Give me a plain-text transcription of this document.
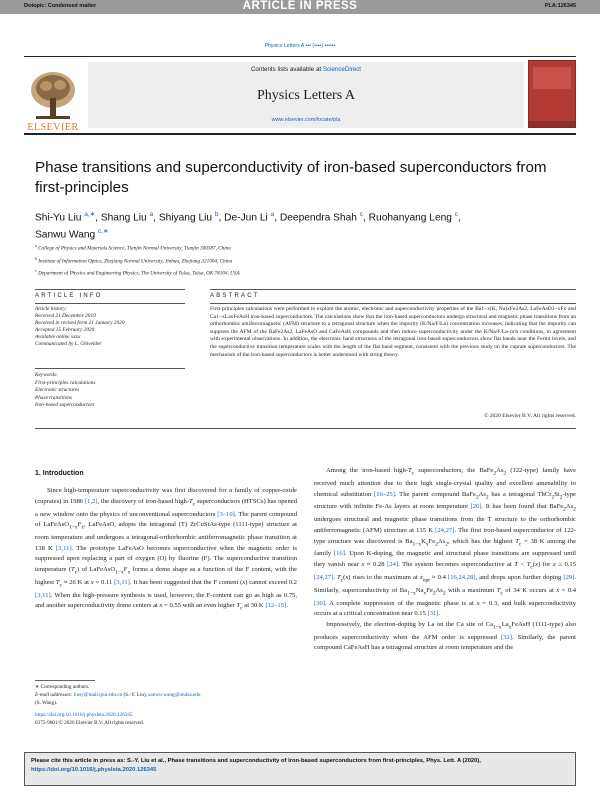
Dotopic: Condensed matter	ARTICLE IN PRESS	PLA:126345
Physics Letters A ••• (••••) ••••••
ELSEVIER
Contents lists available at ScienceDirect
Physics Letters A
www.elsevier.com/locate/pla
Phase transitions and superconductivity of iron-based superconductors from first-principles
Shi-Yu Liu $^{a,∗}$, Shang Liu $^a$, Shiyang Liu $^b$, De-Jun Li $^a$, Deependra Shah $^c$, Ruohanyang Leng $^c$,
Sanwu Wang $^{c,∗}$
$^a$ College of Physics and Materials Science, Tianjin Normal University, Tianjin 300387, China
$^b$ Institute of Information Optics, Zhejiang Normal University, Jinhua, Zhejiang 321004, China
$^c$ Department of Physics and Engineering Physics, The University of Tulsa, Tulsa, OK 74104, USA
ARTICLE INFO	ABSTRACT
Article history:
Received 21 December 2019
Received in revised form 21 January 2020
Accepted 15 February 2020
Available online xxxx
Communicated by L. Ghivelder
Keywords:
First-principles calculations
Electronic structures
Phase transitions
Iron-based superconductors
First-principles calculations were performed to explore the atomic, electronic and superconductivity properties of the Ba1−x(K, Na)xFe2As2, LaFeAsO1−xFx and Ca1−xLaxFeAsH iron-based superconductors. The calculations show that the iron-based superconductors undergo structural and magnetic phase transitions from an orthorhombic antiferromagnetic (AFM) structure to a tetragonal structure when the impurity (K/Na/F/La) concentration increases, indicating that the impurity can suppress the AFM of the BaFe2As2, LaFeAsO and CaFeAsH compounds and then induce superconductivity under the K/Na/F/La-rich conditions, in agreement with experimental observations. In addition, the electronic band structures of the tetragonal iron-based superconductors show flat bands near the Fermi levels, and the superconductive transition temperature scales with the length of the flat band segment, consistent with the previous study on the cuprate superconductors. The mechanism of the iron-based superconductors is better understood with string theory.
© 2020 Elsevier B.V. All rights reserved.
1. Introduction

Since high-temperature superconductivity was first discovered for a family of copper-oxide (cuprates) in 1986 [1,2], the discovery of iron-based high-$T_c$ superconductors (HTSCs) has opened a new window onto the physics of unconventional superconductors [3–10]. The parent compound of $LaFeAsO_{1-x}F_x$, LaFeAsO, adopts the tetragonal (T) ZrCuSiAs-type (1111-type) structure at room temperature and undergoes a tetragonal-orthorhombic antiferromagnetic phase transition at 138 K [3,11]. The prototype LaFeAsO becomes superconductive when the magnetic order is suppressed upon replacing a part of oxygen (O) by fluorine (F). The superconductive transition temperature $(T_c)$ of $LaFeAsO_{1-x}F_x$ forms a dome shape as a function of the F content, with the highest $T_c \approx 26$ K at x = 0.11 [3,11]. It has been suggested that the F content (x) cannot exceed 0.2 [3,11]. When the high-pressure synthesis is used, however, the F-content can go as high as 0.75, and another superconductivity dome centers at x = 0.55 with an even higher $T_c$ at 30 K [12–15].

Among the iron-based high-$T_c$ superconductors, the $BaFe_2As_2$ (122-type) family have received much attention due to their high single-crystal quality and excellent amenability to chemical substitution [16–25]. The parent compound $BaFe_2As_2$ has a tetragonal $ThCr_2Si_2$-type structure with infinite Fe-As layers at room temperature [26]. It has been found that $BaFe_2As_2$ undergoes structural and magnetic phase transitions from the T structure to the orthorhombic antiferromagnetic (AFM) structure at 135 K [24,27]. The first iron-based superconductor of 122-type structure was discovered is $Ba_{1-x}K_xFe_2As_2$, which has the highest $T_c = 38$ K among the family [16]. Upon K-doping, the magnetic and structural phase transitions are suppressed until they vanish near x ≈ 0.28 [24]. The system becomes superconductive at $T < T_c(x)$ for x ≥ 0.15 [24,27]. $T_c(x)$ rises to the maximum at $x_{opt} \approx 0.4$ [16,24,28], and drops upon further doping [29]. Similarly, superconductivity of $Ba_{1-x}Na_xFe_2As_2$ with a maximum $T_c$ of 34 K occurs at x = 0.4 [30]. A complete suppression of the magnetic phase is at x = 0.3, and bulk superconductivity occurs at a critical concentration near 0.15 [31].

Impressively, the electron-doping by La on the Ca site of $Ca_{1-x}La_xFeAsH$ (1111-type) also produces superconductivity when the AFM order is suppressed [32]. Similarly, the parent compound CaFeAsH has a tetragonal structure at room temperature and the

∗ Corresponding authors.
E-mail addresses: liusy@mail.tjnu.edu.cn (S.-Y. Liu), sanwu-wang@utulsa.edu
(S. Wang).
https://doi.org/10.1016/j.physleta.2020.126345
0375-9601/© 2020 Elsevier B.V. All rights reserved.
Please cite this article in press as: S.-Y. Liu et al., Phase transitions and superconductivity of iron-based superconductors from first-principles, Phys. Lett. A (2020),
https://doi.org/10.1016/j.physleta.2020.126345
